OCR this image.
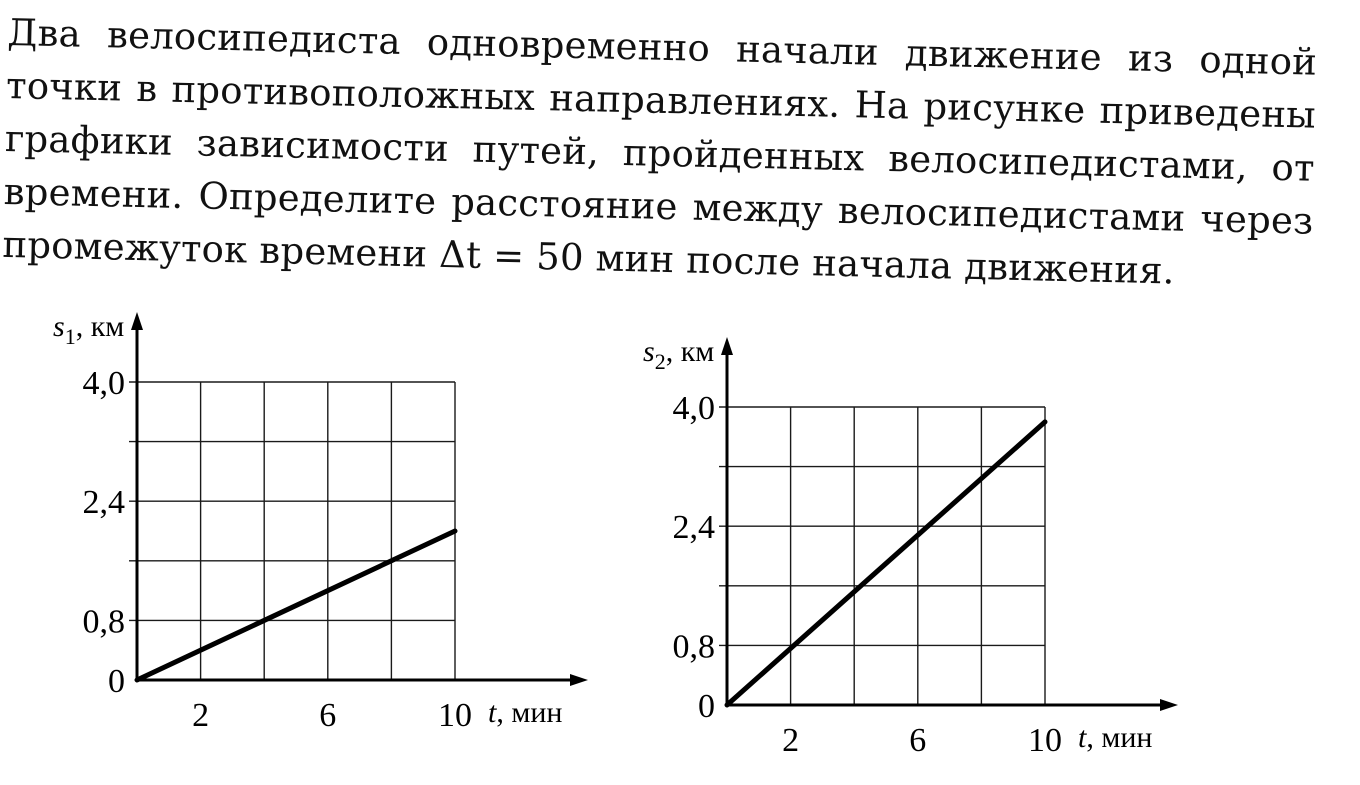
Два велосипедиста одновременно начали движение из одной
точки в противоположных направлениях. На рисунке приведены
графики зависимости путей, пройденных велосипедистами, от
времени. Определите расстояние между велосипедистами через
промежуток времени Δt = 50 мин после начала движения.
0
0,8
2,4
4,0
2	6	10
$s_1$, км
t, мин	0
0,8
2,4
4,0
2	6	10
$s_2$, км
t, мин
